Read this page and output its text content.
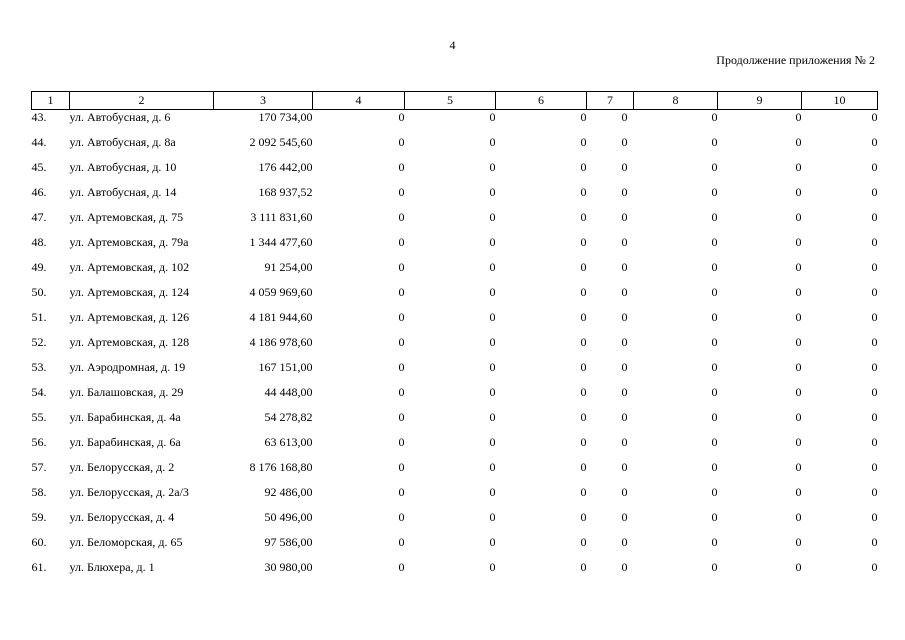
4
Продолжение приложения № 2
1	2	3	4	5	6	7	8	9	10
43.	ул. Автобусная, д. 6	170 734,00	0	0	0	0	0	0	0
44.	ул. Автобусная, д. 8а	2 092 545,60	0	0	0	0	0	0	0
45.	ул. Автобусная, д. 10	176 442,00	0	0	0	0	0	0	0
46.	ул. Автобусная, д. 14	168 937,52	0	0	0	0	0	0	0
47.	ул. Артемовская, д. 75	3 111 831,60	0	0	0	0	0	0	0
48.	ул. Артемовская, д. 79а	1 344 477,60	0	0	0	0	0	0	0
49.	ул. Артемовская, д. 102	91 254,00	0	0	0	0	0	0	0
50.	ул. Артемовская, д. 124	4 059 969,60	0	0	0	0	0	0	0
51.	ул. Артемовская, д. 126	4 181 944,60	0	0	0	0	0	0	0
52.	ул. Артемовская, д. 128	4 186 978,60	0	0	0	0	0	0	0
53.	ул. Аэродромная, д. 19	167 151,00	0	0	0	0	0	0	0
54.	ул. Балашовская, д. 29	44 448,00	0	0	0	0	0	0	0
55.	ул. Барабинская, д. 4а	54 278,82	0	0	0	0	0	0	0
56.	ул. Барабинская, д. 6а	63 613,00	0	0	0	0	0	0	0
57.	ул. Белорусская, д. 2	8 176 168,80	0	0	0	0	0	0	0
58.	ул. Белорусская, д. 2а/3	92 486,00	0	0	0	0	0	0	0
59.	ул. Белорусская, д. 4	50 496,00	0	0	0	0	0	0	0
60.	ул. Беломорская, д. 65	97 586,00	0	0	0	0	0	0	0
61.	ул. Блюхера, д. 1	30 980,00	0	0	0	0	0	0	0
